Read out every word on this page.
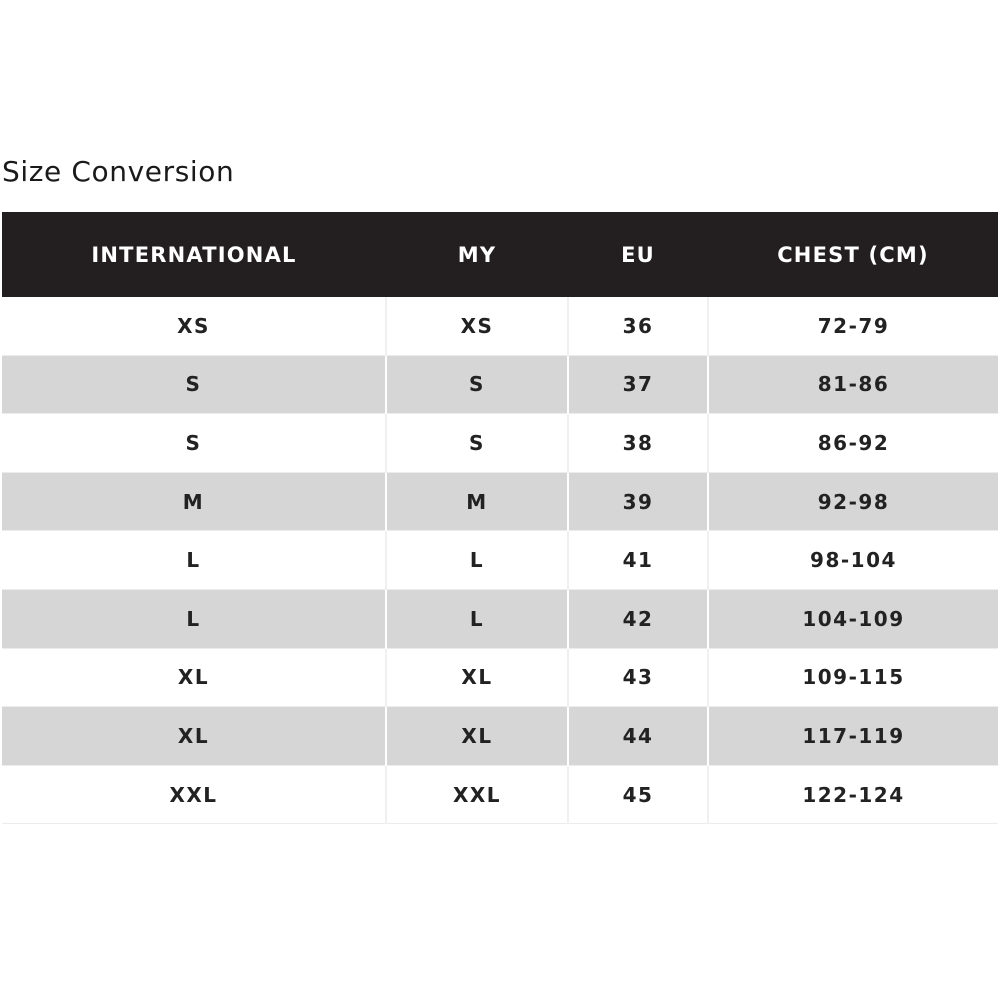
Size Conversion
INTERNATIONAL	MY	EU	CHEST (CM)
XS	XS	36	72-79
S	S	37	81-86
S	S	38	86-92
M	M	39	92-98
L	L	41	98-104
L	L	42	104-109
XL	XL	43	109-115
XL	XL	44	117-119
XXL	XXL	45	122-124
